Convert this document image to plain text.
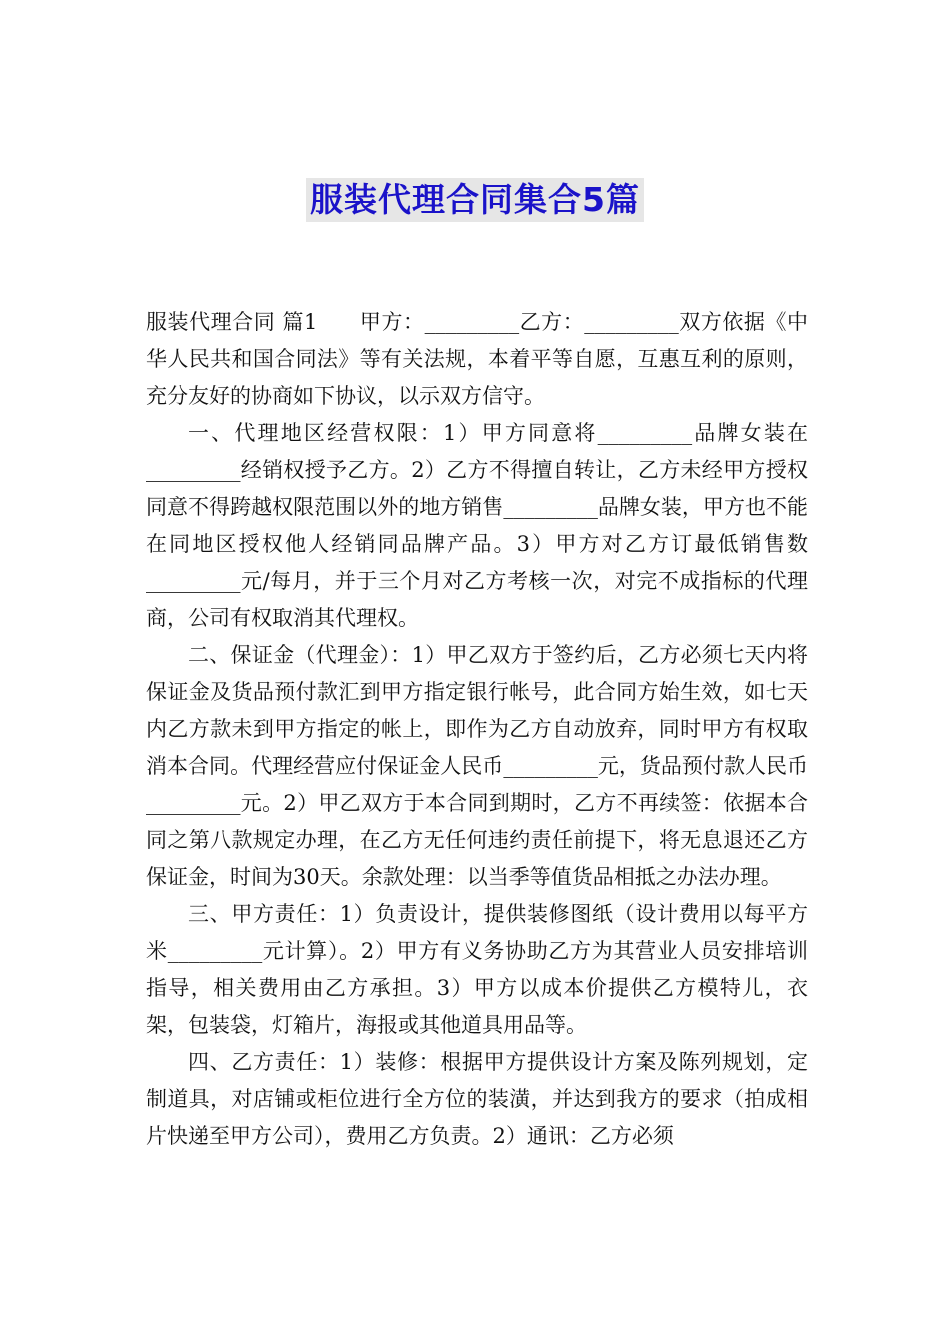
服装代理合同集合5篇

服装代理合同 篇1 甲方：_________乙方：_________双方依据《中华人民共和国合同法》等有关法规，本着平等自愿，互惠互利的原则，充分友好的协商如下协议，以示双方信守。

一、代理地区经营权限：1）甲方同意将_________品牌女装在_________经销权授予乙方。2）乙方不得擅自转让，乙方未经甲方授权同意不得跨越权限范围以外的地方销售_________品牌女装，甲方也不能在同地区授权他人经销同品牌产品。3）甲方对乙方订最低销售数_________元/每月，并于三个月对乙方考核一次，对完不成指标的代理商，公司有权取消其代理权。

二、保证金（代理金）：1）甲乙双方于签约后，乙方必须七天内将保证金及货品预付款汇到甲方指定银行帐号，此合同方始生效，如七天内乙方款未到甲方指定的帐上，即作为乙方自动放弃，同时甲方有权取消本合同。代理经营应付保证金人民币_________元，货品预付款人民币_________元。2）甲乙双方于本合同到期时，乙方不再续签：依据本合同之第八款规定办理，在乙方无任何违约责任前提下，将无息退还乙方保证金，时间为30天。余款处理：以当季等值货品相抵之办法办理。

三、甲方责任：1）负责设计，提供装修图纸（设计费用以每平方米_________元计算）。2）甲方有义务协助乙方为其营业人员安排培训指导，相关费用由乙方承担。3）甲方以成本价提供乙方模特儿，衣架，包装袋，灯箱片，海报或其他道具用品等。

四、乙方责任：1）装修：根据甲方提供设计方案及陈列规划，定制道具，对店铺或柜位进行全方位的装潢，并达到我方的要求（拍成相片快递至甲方公司），费用乙方负责。2）通讯：乙方必须
